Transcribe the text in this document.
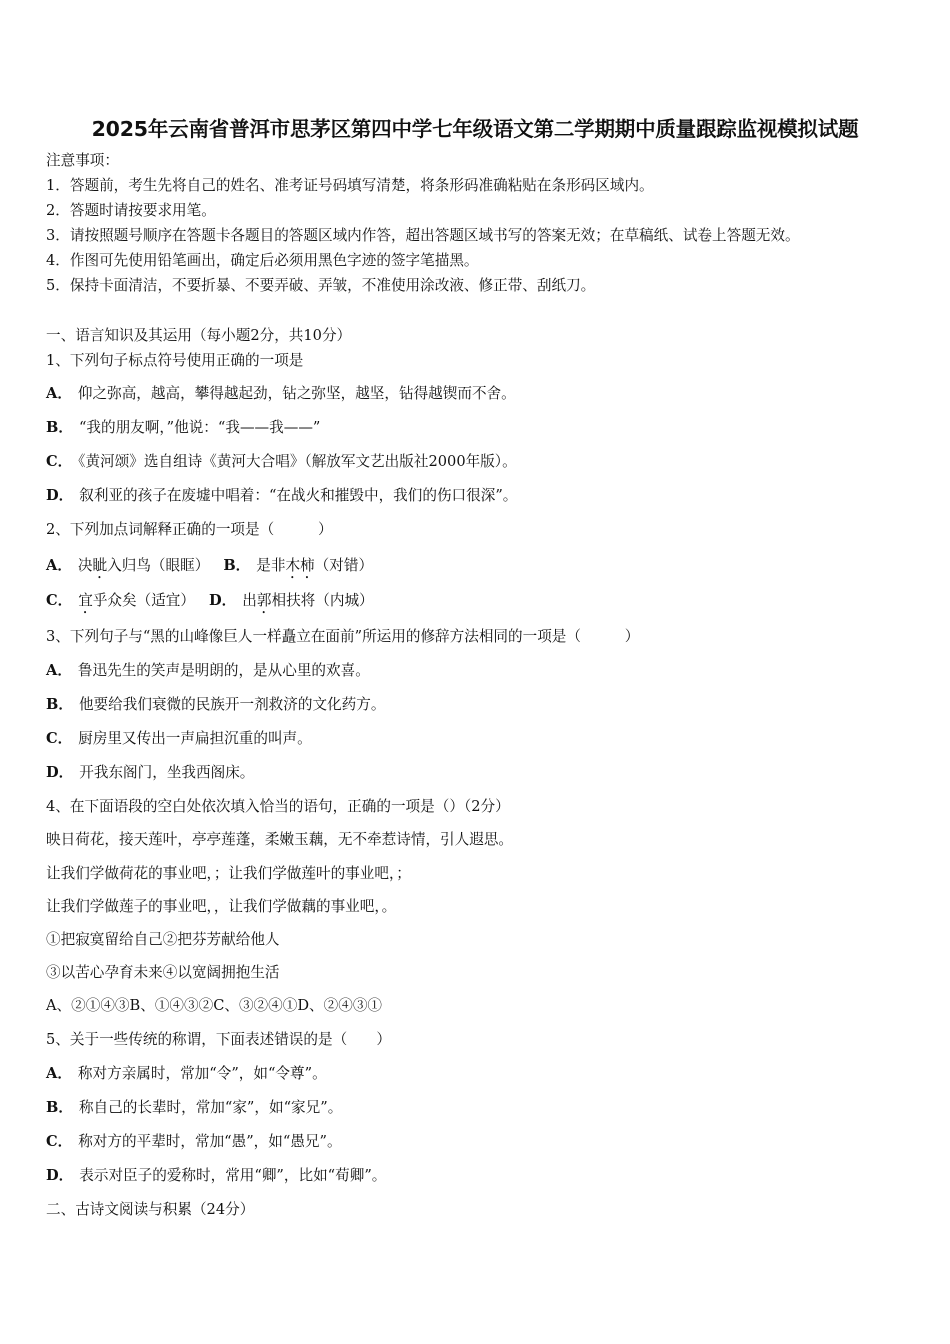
2025年云南省普洱市思茅区第四中学七年级语文第二学期期中质量跟踪监视模拟试题
注意事项：
1．答题前，考生先将自己的姓名、准考证号码填写清楚，将条形码准确粘贴在条形码区域内。
2．答题时请按要求用笔。
3．请按照题号顺序在答题卡各题目的答题区域内作答，超出答题区域书写的答案无效；在草稿纸、试卷上答题无效。
4．作图可先使用铅笔画出，确定后必须用黑色字迹的签字笔描黑。
5．保持卡面清洁，不要折暴、不要弄破、弄皱，不准使用涂改液、修正带、刮纸刀。
一、语言知识及其运用（每小题2分，共10分）
1、下列句子标点符号使用正确的一项是
A． 仰之弥高，越高，攀得越起劲，钻之弥坚，越坚，钻得越锲而不舍。
B． “我的朋友啊，”他说：“我——我——”
C． 《黄河颂》选自组诗《黄河大合唱》（解放军文艺出版社2000年版）。
D． 叙利亚的孩子在废墟中唱着：“在战火和摧毁中，我们的伤口很深”。
2、下列加点词解释正确的一项是（　　　）
A． 决眦入归鸟（眼眶） B． 是非木柿（对错）
C． 宜乎众矣（适宜） D． 出郭相扶将（内城）
3、下列句子与“黑的山峰像巨人一样矗立在面前”所运用的修辞方法相同的一项是（　　　）
A． 鲁迅先生的笑声是明朗的，是从心里的欢喜。
B． 他要给我们衰微的民族开一剂救济的文化药方。
C． 厨房里又传出一声扁担沉重的叫声。
D． 开我东阁门，坐我西阁床。
4、在下面语段的空白处依次填入恰当的语句，正确的一项是（）（2分）
映日荷花，接天莲叶，亭亭莲蓬，柔嫩玉藕，无不牵惹诗情，引人遐思。
让我们学做荷花的事业吧，；让我们学做莲叶的事业吧，；
让我们学做莲子的事业吧，，让我们学做藕的事业吧，。
①把寂寞留给自己②把芬芳献给他人
③以苦心孕育未来④以宽阔拥抱生活
A、②①④③B、①④③②C、③②④①D、②④③①
5、关于一些传统的称谓，下面表述错误的是（　　）
A． 称对方亲属时，常加“令”，如“令尊”。
B． 称自己的长辈时，常加“家”，如“家兄”。
C． 称对方的平辈时，常加“愚”，如“愚兄”。
D． 表示对臣子的爱称时，常用“卿”，比如“荀卿”。
二、古诗文阅读与积累（24分）
